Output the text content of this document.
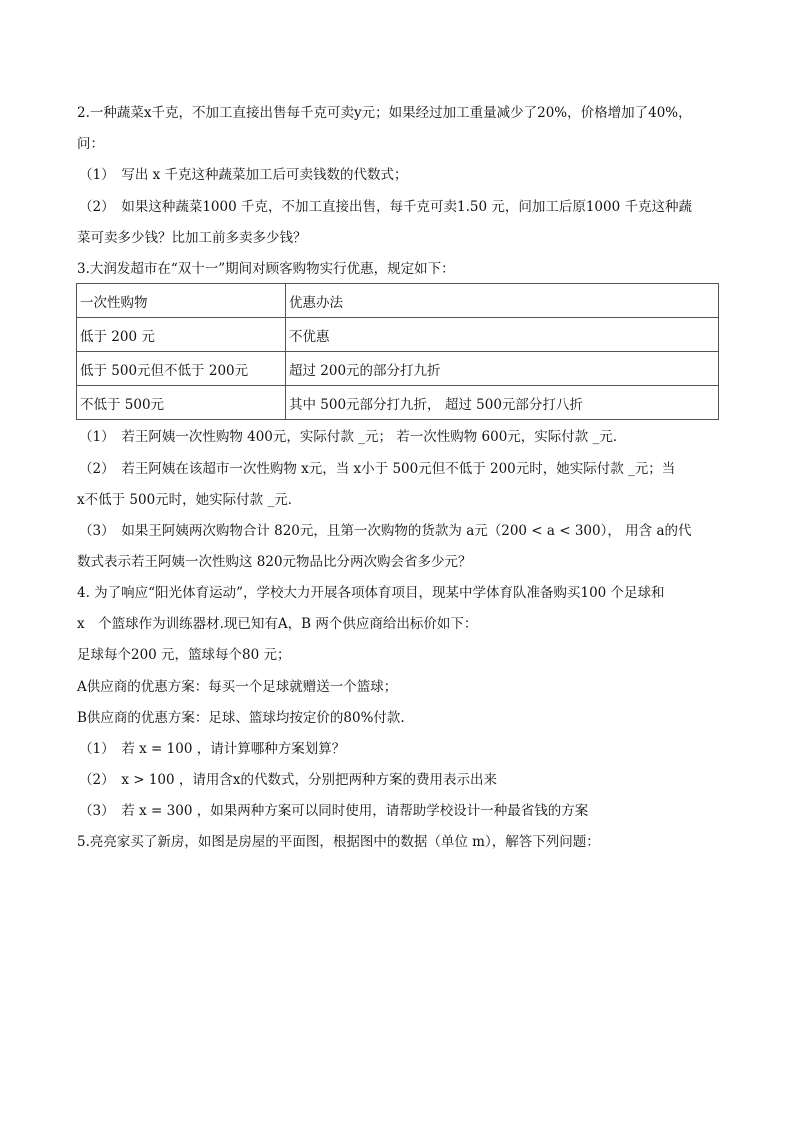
2.一种蔬菜x千克，不加工直接出售每千克可卖y元；如果经过加工重量减少了20%，价格增加了40%，
问：
（1）　写出 x 千克这种蔬菜加工后可卖钱数的代数式；
（2）　如果这种蔬菜1000 千克，不加工直接出售，每千克可卖1.50 元，问加工后原1000 千克这种蔬
菜可卖多少钱？比加工前多卖多少钱？
3.大润发超市在“双十一”期间对顾客购物实行优惠，规定如下：
一次性购物	优惠办法
低于 200 元	不优惠
低于 500元但不低于 200元	超过 200元的部分打九折
不低于 500元	其中 500元部分打九折， 超过 500元部分打八折
（1）　若王阿姨一次性购物 400元，实际付款 _元； 若一次性购物 600元，实际付款 _元．
（2）　若王阿姨在该超市一次性购物 x元，当 x小于 500元但不低于 200元时，她实际付款 _元；当
x不低于 500元时，她实际付款 _元．
（3）　如果王阿姨两次购物合计 820元，且第一次购物的货款为 a元（200 < a < 300）， 用含 a的代
数式表示若王阿姨一次性购这 820元物品比分两次购会省多少元？
4. 为了响应“阳光体育运动”，学校大力开展各项体育项目，现某中学体育队准备购买100 个足球和
x　个篮球作为训练器材.现已知有A，B 两个供应商给出标价如下：
足球每个200 元，篮球每个80 元；
A供应商的优惠方案：每买一个足球就赠送一个篮球；
B供应商的优惠方案：足球、篮球均按定价的80%付款.
（1）　若 x = 100 ，请计算哪种方案划算？
（2）　x > 100 ，请用含x的代数式，分别把两种方案的费用表示出来
（3）　若 x = 300 ，如果两种方案可以同时使用，请帮助学校设计一种最省钱的方案
5.亮亮家买了新房，如图是房屋的平面图，根据图中的数据（单位 m），解答下列问题：
